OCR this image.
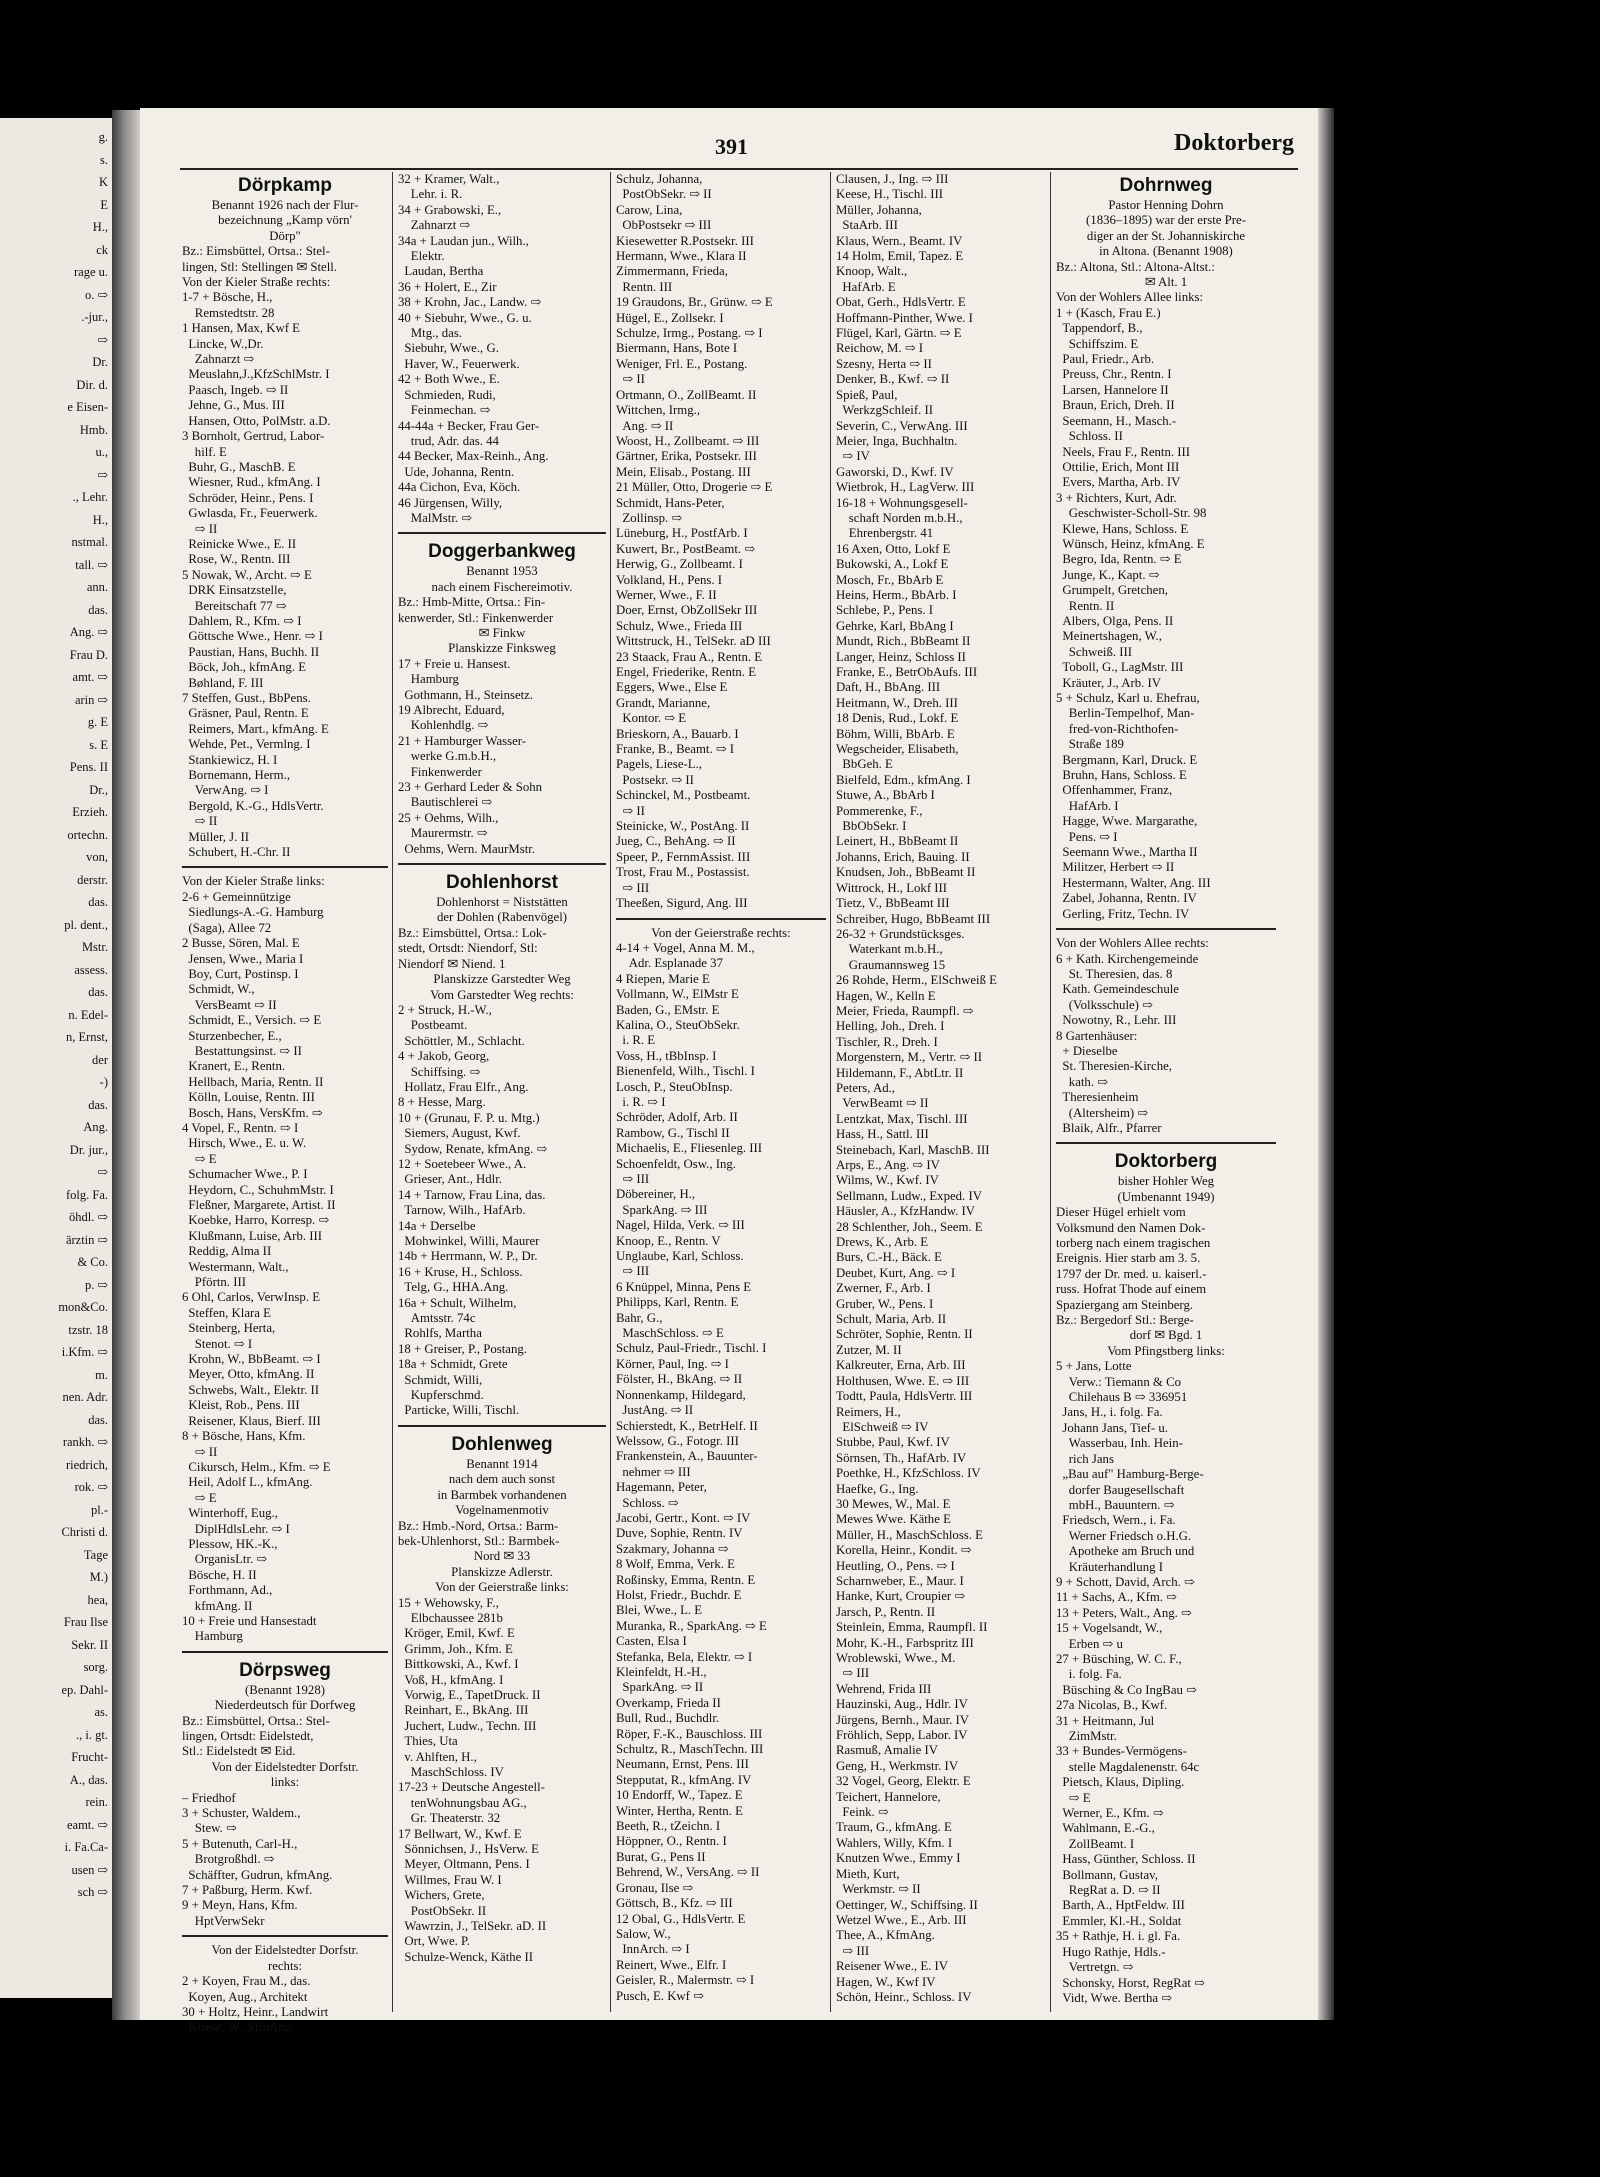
g.
s.
K
E
H.,
ck
rage u.
o. ⇨
.-jur.,
⇨
Dr.
Dir. d.
e Eisen-
Hmb.
u.,
⇨
., Lehr.
H.,
nstmal.
tall. ⇨
ann.
das.
Ang. ⇨
Frau D.
amt. ⇨
arin ⇨
g. E
s. E
Pens. II
Dr.,
Erzieh.
ortechn.
von,
derstr.
das.
pl. dent.,
Mstr.
assess.
das.
n. Edel-
n, Ernst,
der
-)
das.
Ang.
Dr. jur.,
⇨
folg. Fa.
öhdl. ⇨
ärztin ⇨
& Co.
p. ⇨
mon&Co.
tzstr. 18
i.Kfm. ⇨
m.
nen. Adr.
das.
rankh. ⇨
riedrich,
rok. ⇨
pl.-
Christi d.
Tage
M.)
hea,
Frau Ilse
Sekr. II
sorg.
ep. Dahl-
as.
., i. gt.
Frucht-
A., das.
rein.
eamt. ⇨
i. Fa.Ca-
usen ⇨
sch ⇨
391	Doktorberg
Dörpkamp
Benannt 1926 nach der Flur-
bezeichnung „Kamp vörn'
Dörp"
Bz.: Eimsbüttel, Ortsa.: Stel-
lingen, Stl: Stellingen ✉ Stell.
Von der Kieler Straße rechts:
1-7 + Bösche, H.,
Remstedtstr. 28
1 Hansen, Max, Kwf E
Lincke, W.,Dr.
Zahnarzt ⇨
Meuslahn,J.,KfzSchlMstr. I
Paasch, Ingeb. ⇨ II
Jehne, G., Mus. III
Hansen, Otto, PolMstr. a.D.
3 Bornholt, Gertrud, Labor-
hilf. E
Buhr, G., MaschB. E
Wiesner, Rud., kfmAng. I
Schröder, Heinr., Pens. I
Gwlasda, Fr., Feuerwerk.
⇨ II
Reinicke Wwe., E. II
Rose, W., Rentn. III
5 Nowak, W., Archt. ⇨ E
DRK Einsatzstelle,
Bereitschaft 77 ⇨
Dahlem, R., Kfm. ⇨ I
Göttsche Wwe., Henr. ⇨ I
Paustian, Hans, Buchh. II
Böck, Joh., kfmAng. E
Bøhland, F. III
7 Steffen, Gust., BbPens.
Gräsner, Paul, Rentn. E
Reimers, Mart., kfmAng. E
Wehde, Pet., Vermlng. I
Stankiewicz, H. I
Bornemann, Herm.,
VerwAng. ⇨ I
Bergold, K.-G., HdlsVertr.
⇨ II
Müller, J. II
Schubert, H.-Chr. II
Von der Kieler Straße links:
2-6 + Gemeinnützige
Siedlungs-A.-G. Hamburg
(Saga), Allee 72
2 Busse, Sören, Mal. E
Jensen, Wwe., Maria I
Boy, Curt, Postinsp. I
Schmidt, W.,
VersBeamt ⇨ II
Schmidt, E., Versich. ⇨ E
Sturzenbecher, E.,
Bestattungsinst. ⇨ II
Kranert, E., Rentn.
Hellbach, Maria, Rentn. II
Kölln, Louise, Rentn. III
Bosch, Hans, VersKfm. ⇨
4 Vopel, F., Rentn. ⇨ I
Hirsch, Wwe., E. u. W.
⇨ E
Schumacher Wwe., P. I
Heydorn, C., SchuhmMstr. I
Fleßner, Margarete, Artist. II
Koebke, Harro, Korresp. ⇨
Klußmann, Luise, Arb. III
Reddig, Alma II
Westermann, Walt.,
Pförtn. III
6 Ohl, Carlos, VerwInsp. E
Steffen, Klara E
Steinberg, Herta,
Stenot. ⇨ I
Krohn, W., BbBeamt. ⇨ I
Meyer, Otto, kfmAng. II
Schwebs, Walt., Elektr. II
Kleist, Rob., Pens. III
Reisener, Klaus, Bierf. III
8 + Bösche, Hans, Kfm.
⇨ II
Cikursch, Helm., Kfm. ⇨ E
Heil, Adolf L., kfmAng.
⇨ E
Winterhoff, Eug.,
DiplHdlsLehr. ⇨ I
Plessow, HK.-K.,
OrganisLtr. ⇨
Bösche, H. II
Forthmann, Ad.,
kfmAng. II
10 + Freie und Hansestadt
Hamburg
Dörpsweg
(Benannt 1928)
Niederdeutsch für Dorfweg
Bz.: Eimsbüttel, Ortsa.: Stel-
lingen, Ortsdt: Eidelstedt,
Stl.: Eidelstedt ✉ Eid.
Von der Eidelstedter Dorfstr.
links:
– Friedhof
3 + Schuster, Waldem.,
Stew. ⇨
5 + Butenuth, Carl-H.,
Brotgroßhdl. ⇨
Schäffter, Gudrun, kfmAng.
7 + Paßburg, Herm. Kwf.
9 + Meyn, Hans, Kfm.
HptVerwSekr
Von der Eidelstedter Dorfstr.
rechts:
2 + Koyen, Frau M., das.
Koyen, Aug., Architekt
30 + Holtz, Heinr., Landwirt
Kriese, W., kfmAng.
32 + Kramer, Walt.,
Lehr. i. R.
34 + Grabowski, E.,
Zahnarzt ⇨
34a + Laudan jun., Wilh.,
Elektr.
Laudan, Bertha
36 + Holert, E., Zir
38 + Krohn, Jac., Landw. ⇨
40 + Siebuhr, Wwe., G. u.
Mtg., das.
Siebuhr, Wwe., G.
Haver, W., Feuerwerk.
42 + Both Wwe., E.
Schmieden, Rudi,
Feinmechan. ⇨
44-44a + Becker, Frau Ger-
trud, Adr. das. 44
44 Becker, Max-Reinh., Ang.
Ude, Johanna, Rentn.
44a Cichon, Eva, Köch.
46 Jürgensen, Willy,
MalMstr. ⇨
Doggerbankweg
Benannt 1953
nach einem Fischereimotiv.
Bz.: Hmb-Mitte, Ortsa.: Fin-
kenwerder, Stl.: Finkenwerder
✉ Finkw
Planskizze Finksweg
17 + Freie u. Hansest.
Hamburg
Gothmann, H., Steinsetz.
19 Albrecht, Eduard,
Kohlenhdlg. ⇨
21 + Hamburger Wasser-
werke G.m.b.H.,
Finkenwerder
23 + Gerhard Leder & Sohn
Bautischlerei ⇨
25 + Oehms, Wilh.,
Maurermstr. ⇨
Oehms, Wern. MaurMstr.
Dohlenhorst
Dohlenhorst = Niststätten
der Dohlen (Rabenvögel)
Bz.: Eimsbüttel, Ortsa.: Lok-
stedt, Ortsdt: Niendorf, Stl:
Niendorf ✉ Niend. 1
Planskizze Garstedter Weg
Vom Garstedter Weg rechts:
2 + Struck, H.-W.,
Postbeamt.
Schöttler, M., Schlacht.
4 + Jakob, Georg,
Schiffsing. ⇨
Hollatz, Frau Elfr., Ang.
8 + Hesse, Marg.
10 + (Grunau, F. P. u. Mtg.)
Siemers, August, Kwf.
Sydow, Renate, kfmAng. ⇨
12 + Soetebeer Wwe., A.
Grieser, Ant., Hdlr.
14 + Tarnow, Frau Lina, das.
Tarnow, Wilh., HafArb.
14a + Derselbe
Mohwinkel, Willi, Maurer
14b + Herrmann, W. P., Dr.
16 + Kruse, H., Schloss.
Telg, G., HHA.Ang.
16a + Schult, Wilhelm,
Amtsstr. 74c
Rohlfs, Martha
18 + Greiser, P., Postang.
18a + Schmidt, Grete
Schmidt, Willi,
Kupferschmd.
Particke, Willi, Tischl.
Dohlenweg
Benannt 1914
nach dem auch sonst
in Barmbek vorhandenen
Vogelnamenmotiv
Bz.: Hmb.-Nord, Ortsa.: Barm-
bek-Uhlenhorst, Stl.: Barmbek-
Nord ✉ 33
Planskizze Adlerstr.
Von der Geierstraße links:
15 + Wehowsky, F.,
Elbchaussee 281b
Kröger, Emil, Kwf. E
Grimm, Joh., Kfm. E
Bittkowski, A., Kwf. I
Voß, H., kfmAng. I
Vorwig, E., TapetDruck. II
Reinhart, E., BkAng. III
Juchert, Ludw., Techn. III
Thies, Uta
v. Ahlften, H.,
MaschSchloss. IV
17-23 + Deutsche Angestell-
tenWohnungsbau AG.,
Gr. Theaterstr. 32
17 Bellwart, W., Kwf. E
Sönnichsen, J., HsVerw. E
Meyer, Oltmann, Pens. I
Willmes, Frau W. I
Wichers, Grete,
PostObSekr. II
Wawrzin, J., TelSekr. aD. II
Ort, Wwe. P.
Schulze-Wenck, Käthe II
Schulz, Johanna,
PostObSekr. ⇨ II
Carow, Lina,
ObPostsekr ⇨ III
Kiesewetter R.Postsekr. III
Hermann, Wwe., Klara II
Zimmermann, Frieda,
Rentn. III
19 Graudons, Br., Grünw. ⇨ E
Hügel, E., Zollsekr. I
Schulze, Irmg., Postang. ⇨ I
Biermann, Hans, Bote I
Weniger, Frl. E., Postang.
⇨ II
Ortmann, O., ZollBeamt. II
Wittchen, Irmg.,
Ang. ⇨ II
Woost, H., Zollbeamt. ⇨ III
Gärtner, Erika, Postsekr. III
Mein, Elisab., Postang. III
21 Müller, Otto, Drogerie ⇨ E
Schmidt, Hans-Peter,
Zollinsp. ⇨
Lüneburg, H., PostfArb. I
Kuwert, Br., PostBeamt. ⇨
Herwig, G., Zollbeamt. I
Volkland, H., Pens. I
Werner, Wwe., F. II
Doer, Ernst, ObZollSekr III
Schulz, Wwe., Frieda III
Wittstruck, H., TelSekr. aD III
23 Staack, Frau A., Rentn. E
Engel, Friederike, Rentn. E
Eggers, Wwe., Else E
Grandt, Marianne,
Kontor. ⇨ E
Brieskorn, A., Bauarb. I
Franke, B., Beamt. ⇨ I
Pagels, Liese-L.,
Postsekr. ⇨ II
Schinckel, M., Postbeamt.
⇨ II
Steinicke, W., PostAng. II
Jueg, C., BehAng. ⇨ II
Speer, P., FernmAssist. III
Trost, Frau M., Postassist.
⇨ III
Theeßen, Sigurd, Ang. III
Von der Geierstraße rechts:
4-14 + Vogel, Anna M. M.,
Adr. Esplanade 37
4 Riepen, Marie E
Vollmann, W., ElMstr E
Baden, G., EMstr. E
Kalina, O., SteuObSekr.
i. R. E
Voss, H., tBbInsp. I
Bienenfeld, Wilh., Tischl. I
Losch, P., SteuObInsp.
i. R. ⇨ I
Schröder, Adolf, Arb. II
Rambow, G., Tischl II
Michaelis, E., Fliesenleg. III
Schoenfeldt, Osw., Ing.
⇨ III
Döbereiner, H.,
SparkAng. ⇨ III
Nagel, Hilda, Verk. ⇨ III
Knoop, E., Rentn. V
Unglaube, Karl, Schloss.
⇨ III
6 Knüppel, Minna, Pens E
Philipps, Karl, Rentn. E
Bahr, G.,
MaschSchloss. ⇨ E
Schulz, Paul-Friedr., Tischl. I
Körner, Paul, Ing. ⇨ I
Fölster, H., BkAng. ⇨ II
Nonnenkamp, Hildegard,
JustAng. ⇨ II
Schierstedt, K., BetrHelf. II
Welssow, G., Fotogr. III
Frankenstein, A., Bauunter-
nehmer ⇨ III
Hagemann, Peter,
Schloss. ⇨
Jacobi, Gertr., Kont. ⇨ IV
Duve, Sophie, Rentn. IV
Szakmary, Johanna ⇨
8 Wolf, Emma, Verk. E
Roßinsky, Emma, Rentn. E
Holst, Friedr., Buchdr. E
Blei, Wwe., L. E
Muranka, R., SparkAng. ⇨ E
Casten, Elsa I
Stefanka, Bela, Elektr. ⇨ I
Kleinfeldt, H.-H.,
SparkAng. ⇨ II
Overkamp, Frieda II
Bull, Rud., Buchdlr.
Röper, F.-K., Bauschloss. III
Schultz, R., MaschTechn. III
Neumann, Ernst, Pens. III
Stepputat, R., kfmAng. IV
10 Endorff, W., Tapez. E
Winter, Hertha, Rentn. E
Beeth, R., tZeichn. I
Höppner, O., Rentn. I
Burat, G., Pens II
Behrend, W., VersAng. ⇨ II
Gronau, Ilse ⇨
Göttsch, B., Kfz. ⇨ III
12 Obal, G., HdlsVertr. E
Salow, W.,
InnArch. ⇨ I
Reinert, Wwe., Elfr. I
Geisler, R., Malermstr. ⇨ I
Pusch, E. Kwf ⇨
Clausen, J., Ing. ⇨ III
Keese, H., Tischl. III
Müller, Johanna,
StaArb. III
Klaus, Wern., Beamt. IV
14 Holm, Emil, Tapez. E
Knoop, Walt.,
HafArb. E
Obat, Gerh., HdlsVertr. E
Hoffmann-Pinther, Wwe. I
Flügel, Karl, Gärtn. ⇨ E
Reichow, M. ⇨ I
Szesny, Herta ⇨ II
Denker, B., Kwf. ⇨ II
Spieß, Paul,
WerkzgSchleif. II
Severin, C., VerwAng. III
Meier, Inga, Buchhaltn.
⇨ IV
Gaworski, D., Kwf. IV
Wietbrok, H., LagVerw. III
16-18 + Wohnungsgesell-
schaft Norden m.b.H.,
Ehrenbergstr. 41
16 Axen, Otto, Lokf E
Bukowski, A., Lokf E
Mosch, Fr., BbArb E
Heins, Herm., BbArb. I
Schlebe, P., Pens. I
Gehrke, Karl, BbAng I
Mundt, Rich., BbBeamt II
Langer, Heinz, Schloss II
Franke, E., BetrObAufs. III
Daft, H., BbAng. III
Heitmann, W., Dreh. III
18 Denis, Rud., Lokf. E
Böhm, Willi, BbArb. E
Wegscheider, Elisabeth,
BbGeh. E
Bielfeld, Edm., kfmAng. I
Stuwe, A., BbArb I
Pommerenke, F.,
BbObSekr. I
Leinert, H., BbBeamt II
Johanns, Erich, Bauing. II
Knudsen, Joh., BbBeamt II
Wittrock, H., Lokf III
Tietz, V., BbBeamt III
Schreiber, Hugo, BbBeamt III
26-32 + Grundstücksges.
Waterkant m.b.H.,
Graumannsweg 15
26 Rohde, Herm., ElSchweiß E
Hagen, W., Kelln E
Meier, Frieda, Raumpfl. ⇨
Helling, Joh., Dreh. I
Tischler, R., Dreh. I
Morgenstern, M., Vertr. ⇨ II
Hildemann, F., AbtLtr. II
Peters, Ad.,
VerwBeamt ⇨ II
Lentzkat, Max, Tischl. III
Hass, H., Sattl. III
Steinebach, Karl, MaschB. III
Arps, E., Ang. ⇨ IV
Wilms, W., Kwf. IV
Sellmann, Ludw., Exped. IV
Häusler, A., KfzHandw. IV
28 Schlenther, Joh., Seem. E
Drews, K., Arb. E
Burs, C.-H., Bäck. E
Deubet, Kurt, Ang. ⇨ I
Zwerner, F., Arb. I
Gruber, W., Pens. I
Schult, Maria, Arb. II
Schröter, Sophie, Rentn. II
Zutzer, M. II
Kalkreuter, Erna, Arb. III
Holthusen, Wwe. E. ⇨ III
Todtt, Paula, HdlsVertr. III
Reimers, H.,
ElSchweiß ⇨ IV
Stubbe, Paul, Kwf. IV
Sörnsen, Th., HafArb. IV
Poethke, H., KfzSchloss. IV
Haefke, G., Ing.
30 Mewes, W., Mal. E
Mewes Wwe. Käthe E
Müller, H., MaschSchloss. E
Korella, Heinr., Kondit. ⇨
Heutling, O., Pens. ⇨ I
Scharnweber, E., Maur. I
Hanke, Kurt, Croupier ⇨
Jarsch, P., Rentn. II
Steinlein, Emma, Raumpfl. II
Mohr, K.-H., Farbspritz III
Wroblewski, Wwe., M.
⇨ III
Wehrend, Frida III
Hauzinski, Aug., Hdlr. IV
Jürgens, Bernh., Maur. IV
Fröhlich, Sepp, Labor. IV
Rasmuß, Amalie IV
Geng, H., Werkmstr. IV
32 Vogel, Georg, Elektr. E
Teichert, Hannelore,
Feink. ⇨
Traum, G., kfmAng. E
Wahlers, Willy, Kfm. I
Knutzen Wwe., Emmy I
Mieth, Kurt,
Werkmstr. ⇨ II
Oettinger, W., Schiffsing. II
Wetzel Wwe., E., Arb. III
Thee, A., KfmAng.
⇨ III
Reisener Wwe., E. IV
Hagen, W., Kwf IV
Schön, Heinr., Schloss. IV
Dohrnweg
Pastor Henning Dohrn
(1836–1895) war der erste Pre-
diger an der St. Johanniskirche
in Altona. (Benannt 1908)
Bz.: Altona, Stl.: Altona-Altst.:
✉ Alt. 1
Von der Wohlers Allee links:
1 + (Kasch, Frau E.)
Tappendorf, B.,
Schiffszim. E
Paul, Friedr., Arb.
Preuss, Chr., Rentn. I
Larsen, Hannelore II
Braun, Erich, Dreh. II
Seemann, H., Masch.-
Schloss. II
Neels, Frau F., Rentn. III
Ottilie, Erich, Mont III
Evers, Martha, Arb. IV
3 + Richters, Kurt, Adr.
Geschwister-Scholl-Str. 98
Klewe, Hans, Schloss. E
Wünsch, Heinz, kfmAng. E
Begro, Ida, Rentn. ⇨ E
Junge, K., Kapt. ⇨
Grumpelt, Gretchen,
Rentn. II
Albers, Olga, Pens. II
Meinertshagen, W.,
Schweiß. III
Toboll, G., LagMstr. III
Kräuter, J., Arb. IV
5 + Schulz, Karl u. Ehefrau,
Berlin-Tempelhof, Man-
fred-von-Richthofen-
Straße 189
Bergmann, Karl, Druck. E
Bruhn, Hans, Schloss. E
Offenhammer, Franz,
HafArb. I
Hagge, Wwe. Margarathe,
Pens. ⇨ I
Seemann Wwe., Martha II
Militzer, Herbert ⇨ II
Hestermann, Walter, Ang. III
Zabel, Johanna, Rentn. IV
Gerling, Fritz, Techn. IV
Von der Wohlers Allee rechts:
6 + Kath. Kirchengemeinde
St. Theresien, das. 8
Kath. Gemeindeschule
(Volksschule) ⇨
Nowotny, R., Lehr. III
8 Gartenhäuser:
+ Dieselbe
St. Theresien-Kirche,
kath. ⇨
Theresienheim
(Altersheim) ⇨
Blaik, Alfr., Pfarrer
Doktorberg
bisher Hohler Weg
(Umbenannt 1949)
Dieser Hügel erhielt vom
Volksmund den Namen Dok-
torberg nach einem tragischen
Ereignis. Hier starb am 3. 5.
1797 der Dr. med. u. kaiserl.-
russ. Hofrat Thode auf einem
Spaziergang am Steinberg.
Bz.: Bergedorf Stl.: Berge-
dorf ✉ Bgd. 1
Vom Pfingstberg links:
5 + Jans, Lotte
Verw.: Tiemann & Co
Chilehaus B ⇨ 336951
Jans, H., i. folg. Fa.
Johann Jans, Tief- u.
Wasserbau, Inh. Hein-
rich Jans
„Bau auf" Hamburg-Berge-
dorfer Baugesellschaft
mbH., Bauuntern. ⇨
Friedsch, Wern., i. Fa.
Werner Friedsch o.H.G.
Apotheke am Bruch und
Kräuterhandlung I
9 + Schott, David, Arch. ⇨
11 + Sachs, A., Kfm. ⇨
13 + Peters, Walt., Ang. ⇨
15 + Vogelsandt, W.,
Erben ⇨ u
27 + Büsching, W. C. F.,
i. folg. Fa.
Büsching & Co IngBau ⇨
27a Nicolas, B., Kwf.
31 + Heitmann, Jul
ZimMstr.
33 + Bundes-Vermögens-
stelle Magdalenenstr. 64c
Pietsch, Klaus, Dipling.
⇨ E
Werner, E., Kfm. ⇨
Wahlmann, E.-G.,
ZollBeamt. I
Hass, Günther, Schloss. II
Bollmann, Gustav,
RegRat a. D. ⇨ II
Barth, A., HptFeldw. III
Emmler, Kl.-H., Soldat
35 + Rathje, H. i. gl. Fa.
Hugo Rathje, Hdls.-
Vertretgn. ⇨
Schonsky, Horst, RegRat ⇨
Vidt, Wwe. Bertha ⇨
